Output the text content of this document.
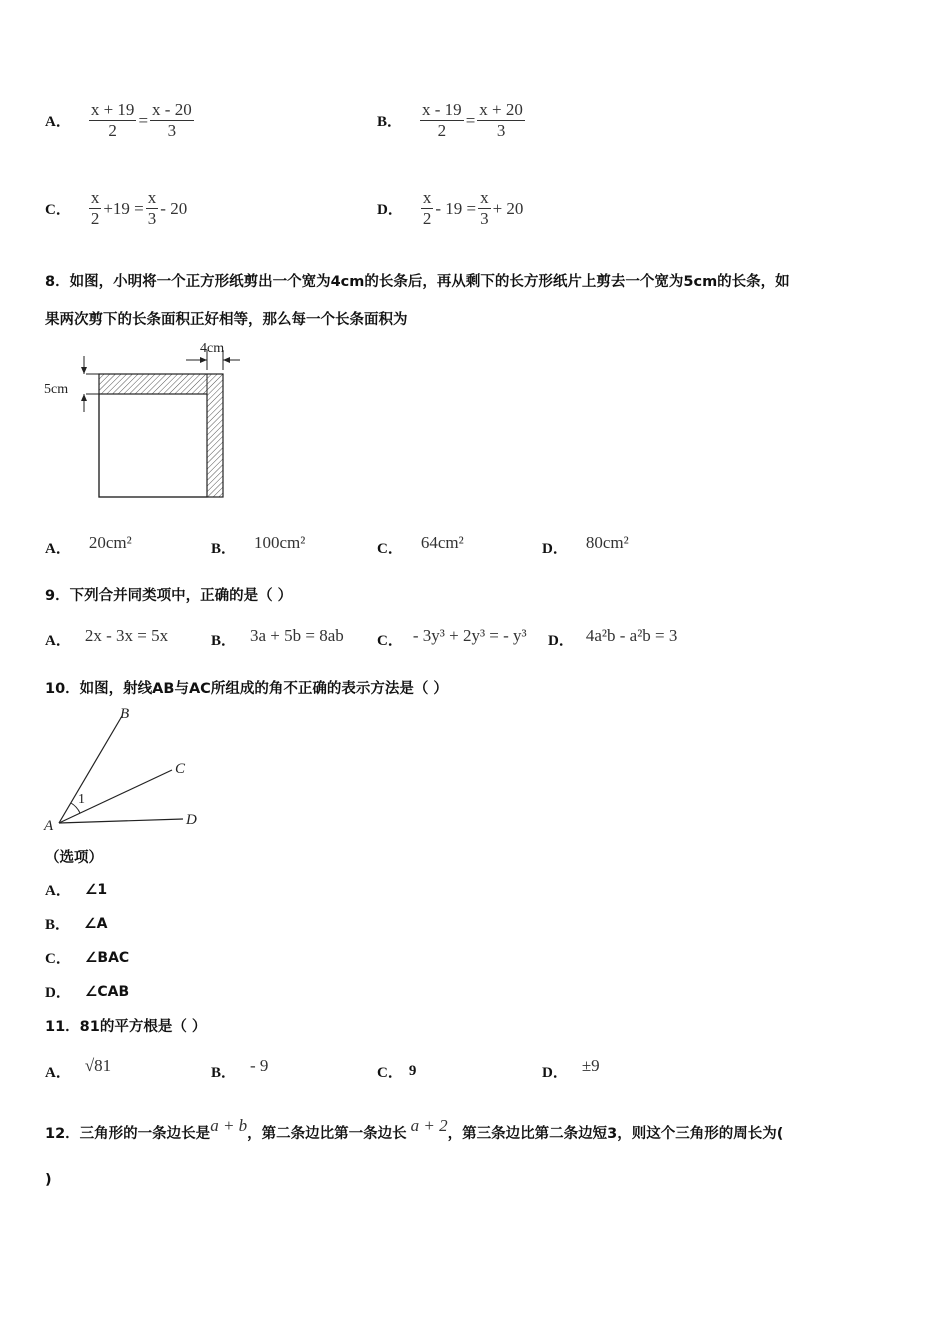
A． $\frac{x + 19}{2} = \frac{x - 20}{3}$	B． $\frac{x - 19}{2} = \frac{x + 20}{3}$
C． $\frac{x}{2} +19 = \frac{x}{3} - 20$	D． $\frac{x}{2} - 19 = \frac{x}{3} + 20$
8．如图，小明将一个正方形纸剪出一个宽为4cm的长条后，再从剩下的长方形纸片上剪去一个宽为5cm的长条，如
果两次剪下的长条面积正好相等，那么每一个长条面积为
4cm
5cm
A． 20cm²	B． 100cm²	C． 64cm²	D． 80cm²
9．下列合并同类项中，正确的是（ ）
A． 2x - 3x = 5x	B． 3a + 5b = 8ab C． - 3y³ + 2y³ = - y³ D． 4a²b - a²b = 3
10．如图，射线AB与AC所组成的角不正确的表示方法是（ ）
A
B
C
D
1
（选项）
A． ∠1
B． ∠A
C． ∠BAC
D． ∠CAB
11．81的平方根是（ ）
A． √81	B． - 9	C． 9	D． ±9
12．三角形的一条边长是 a + b ，第二条边比第一条边长 a + 2 ，第三条边比第二条边短3，则这个三角形的周长为(
)
